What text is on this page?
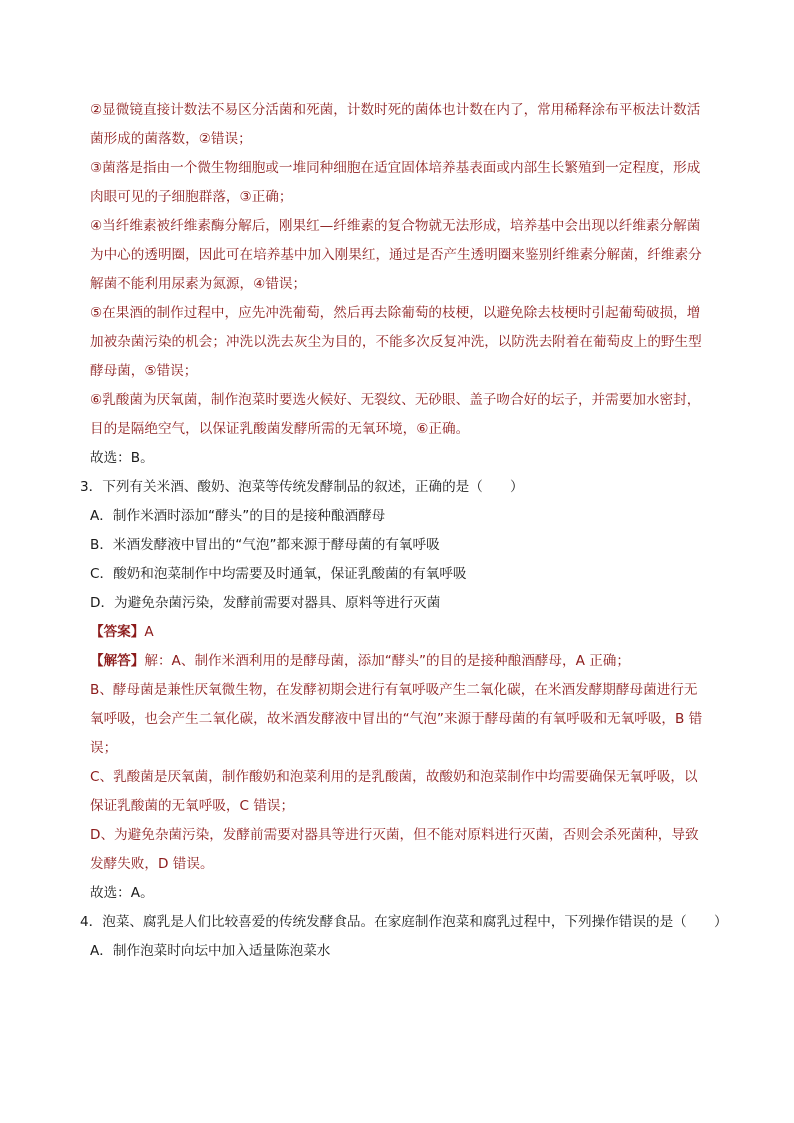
②显微镜直接计数法不易区分活菌和死菌，计数时死的菌体也计数在内了，常用稀释涂布平板法计数活

菌形成的菌落数，②错误；

③菌落是指由一个微生物细胞或一堆同种细胞在适宜固体培养基表面或内部生长繁殖到一定程度，形成

肉眼可见的子细胞群落，③正确；

④当纤维素被纤维素酶分解后，刚果红—纤维素的复合物就无法形成，培养基中会出现以纤维素分解菌

为中心的透明圈，因此可在培养基中加入刚果红，通过是否产生透明圈来鉴别纤维素分解菌，纤维素分

解菌不能利用尿素为氮源，④错误；

⑤在果酒的制作过程中，应先冲洗葡萄，然后再去除葡萄的枝梗，以避免除去枝梗时引起葡萄破损，增

加被杂菌污染的机会；冲洗以洗去灰尘为目的，不能多次反复冲洗，以防洗去附着在葡萄皮上的野生型

酵母菌，⑤错误；

⑥乳酸菌为厌氧菌，制作泡菜时要选火候好、无裂纹、无砂眼、盖子吻合好的坛子，并需要加水密封，

目的是隔绝空气，以保证乳酸菌发酵所需的无氧环境，⑥正确。

故选：B。

3．下列有关米酒、酸奶、泡菜等传统发酵制品的叙述，正确的是（　　）

A．制作米酒时添加“酵头”的目的是接种酿酒酵母

B．米酒发酵液中冒出的“气泡”都来源于酵母菌的有氧呼吸

C．酸奶和泡菜制作中均需要及时通氧，保证乳酸菌的有氧呼吸

D．为避免杂菌污染，发酵前需要对器具、原料等进行灭菌

【答案】A

【解答】解：A、制作米酒利用的是酵母菌，添加“酵头”的目的是接种酿酒酵母，A 正确；

B、酵母菌是兼性厌氧微生物，在发酵初期会进行有氧呼吸产生二氧化碳，在米酒发酵期酵母菌进行无

氧呼吸，也会产生二氧化碳，故米酒发酵液中冒出的“气泡”来源于酵母菌的有氧呼吸和无氧呼吸，B 错

误；

C、乳酸菌是厌氧菌，制作酸奶和泡菜利用的是乳酸菌，故酸奶和泡菜制作中均需要确保无氧呼吸，以

保证乳酸菌的无氧呼吸，C 错误；

D、为避免杂菌污染，发酵前需要对器具等进行灭菌，但不能对原料进行灭菌，否则会杀死菌种，导致

发酵失败，D 错误。

故选：A。

4．泡菜、腐乳是人们比较喜爱的传统发酵食品。在家庭制作泡菜和腐乳过程中，下列操作错误的是（　　）

A．制作泡菜时向坛中加入适量陈泡菜水
